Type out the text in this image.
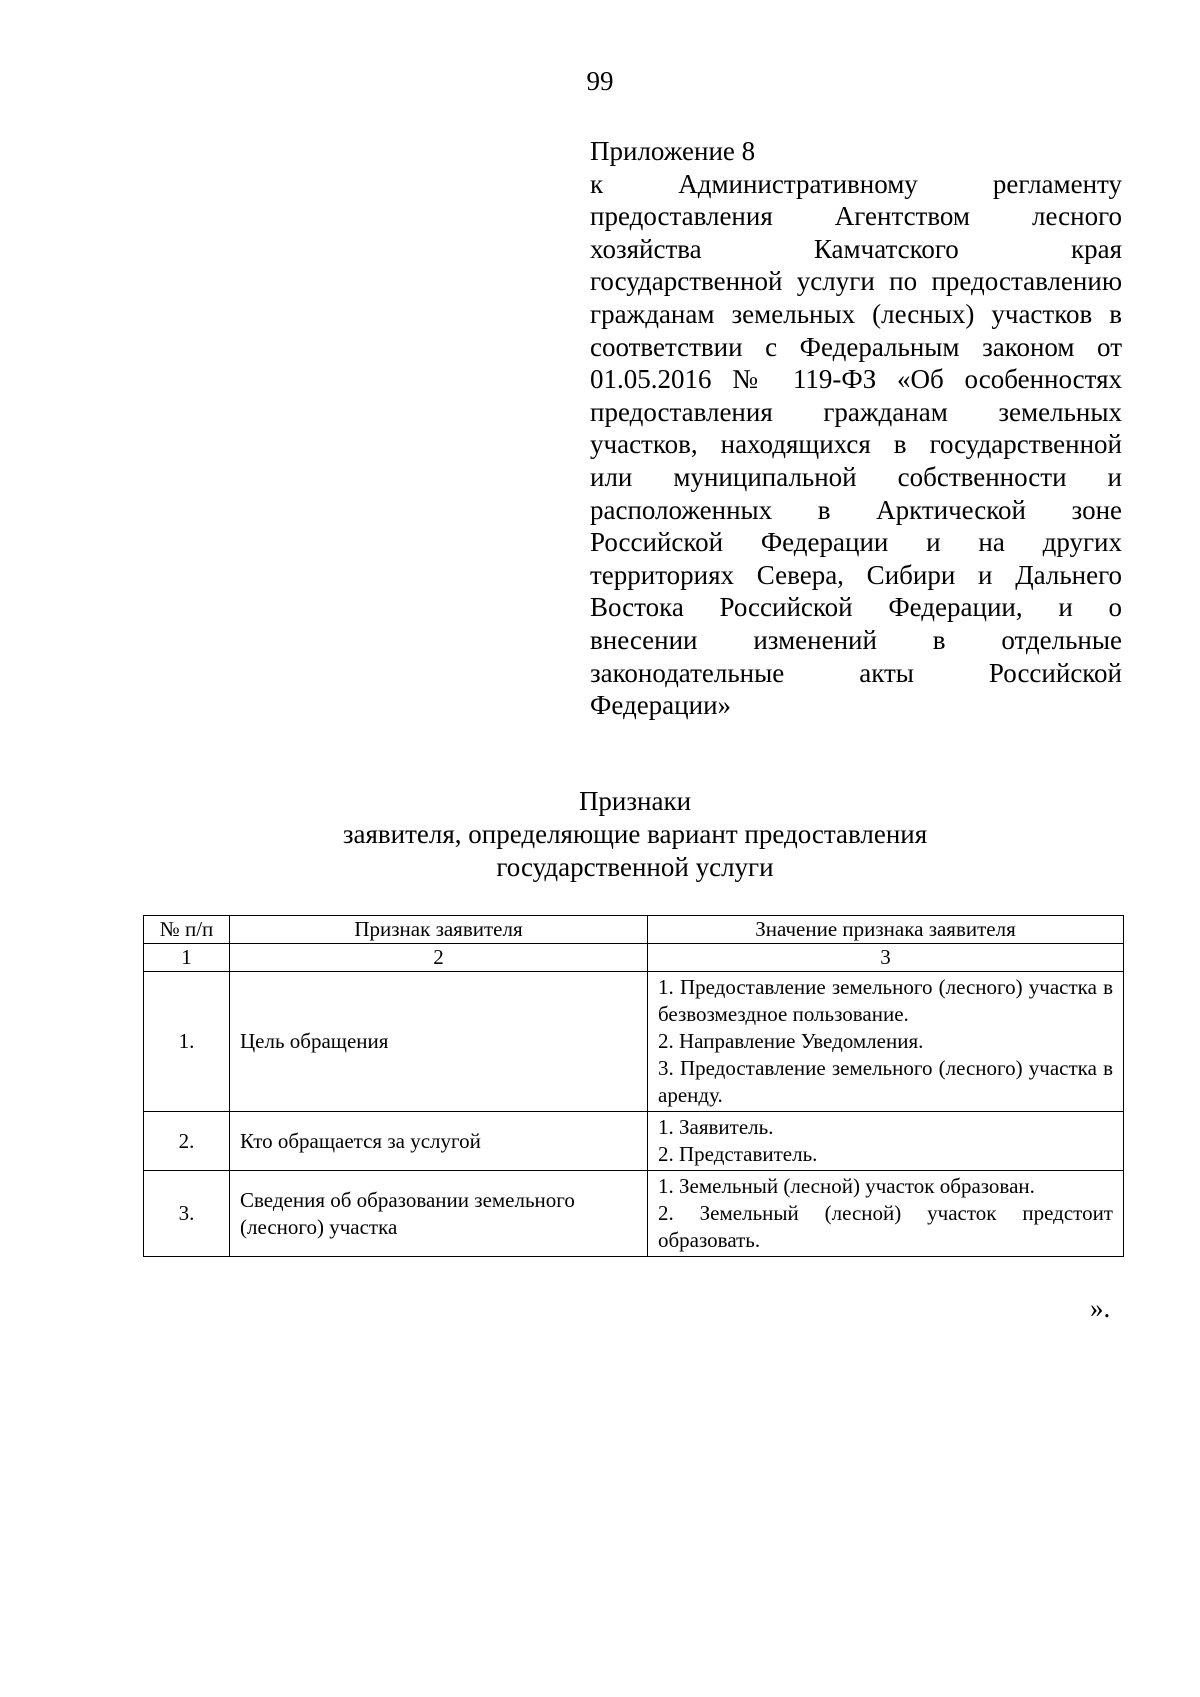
99
Приложение 8
к Административному регламенту
предоставления Агентством лесного
хозяйства Камчатского края
государственной услуги по предоставлению
гражданам земельных (лесных) участков в
соответствии с Федеральным законом от
01.05.2016 № 119-ФЗ «Об особенностях
предоставления гражданам земельных
участков, находящихся в государственной
или муниципальной собственности и
расположенных в Арктической зоне
Российской Федерации и на других
территориях Севера, Сибири и Дальнего
Востока Российской Федерации, и о
внесении изменений в отдельные
законодательные акты Российской
Федерации»
Признаки
заявителя, определяющие вариант предоставления
государственной услуги
№ п/п	Признак заявителя	Значение признака заявителя
1	2	3
1.	Цель обращения	1. Предоставление земельного (лесного) участка в безвозмездное пользование.
2. Направление Уведомления.
3. Предоставление земельного (лесного) участка в аренду.

2.	Кто обращается за услугой	1. Заявитель.
2. Представитель.

3.	Сведения об образовании земельного (лесного) участка	1. Земельный (лесной) участок образован.
2. Земельный (лесной) участок предстоит образовать.
».
